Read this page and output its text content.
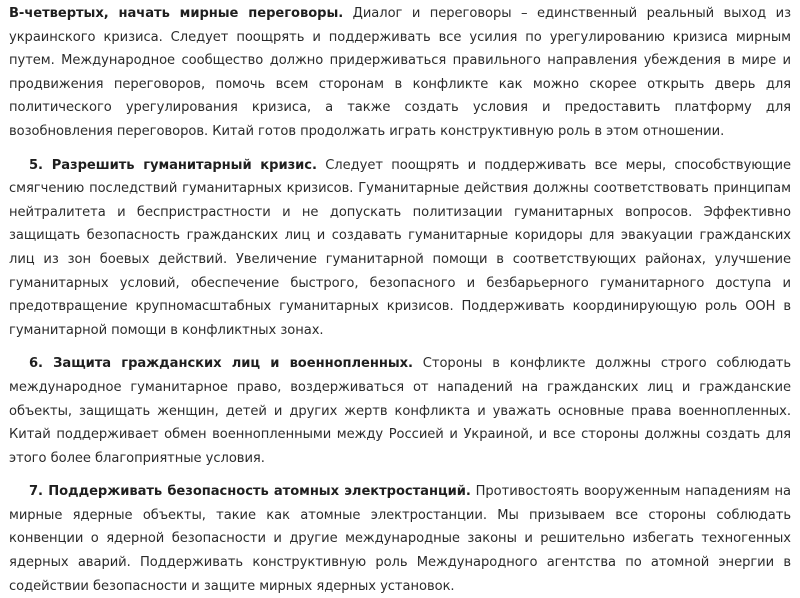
В-четвертых, начать мирные переговоры. Диалог и переговоры – единственный реальный выход из украинского кризиса. Следует поощрять и поддерживать все усилия по урегулированию кризиса мирным путем. Международное сообщество должно придерживаться правильного направления убеждения в мире и продвижения переговоров, помочь всем сторонам в конфликте как можно скорее открыть дверь для политического урегулирования кризиса, а также создать условия и предоставить платформу для возобновления переговоров. Китай готов продолжать играть конструктивную роль в этом отношении.

5. Разрешить гуманитарный кризис. Следует поощрять и поддерживать все меры, способствующие смягчению последствий гуманитарных кризисов. Гуманитарные действия должны соответствовать принципам нейтралитета и беспристрастности и не допускать политизации гуманитарных вопросов. Эффективно защищать безопасность гражданских лиц и создавать гуманитарные коридоры для эвакуации гражданских лиц из зон боевых действий. Увеличение гуманитарной помощи в соответствующих районах, улучшение гуманитарных условий, обеспечение быстрого, безопасного и безбарьерного гуманитарного доступа и предотвращение крупномасштабных гуманитарных кризисов. Поддерживать координирующую роль ООН в гуманитарной помощи в конфликтных зонах.

6. Защита гражданских лиц и военнопленных. Стороны в конфликте должны строго соблюдать международное гуманитарное право, воздерживаться от нападений на гражданских лиц и гражданские объекты, защищать женщин, детей и других жертв конфликта и уважать основные права военнопленных. Китай поддерживает обмен военнопленными между Россией и Украиной, и все стороны должны создать для этого более благоприятные условия.

7. Поддерживать безопасность атомных электростанций. Противостоять вооруженным нападениям на мирные ядерные объекты, такие как атомные электростанции. Мы призываем все стороны соблюдать конвенции о ядерной безопасности и другие международные законы и решительно избегать техногенных ядерных аварий. Поддерживать конструктивную роль Международного агентства по атомной энергии в содействии безопасности и защите мирных ядерных установок.
